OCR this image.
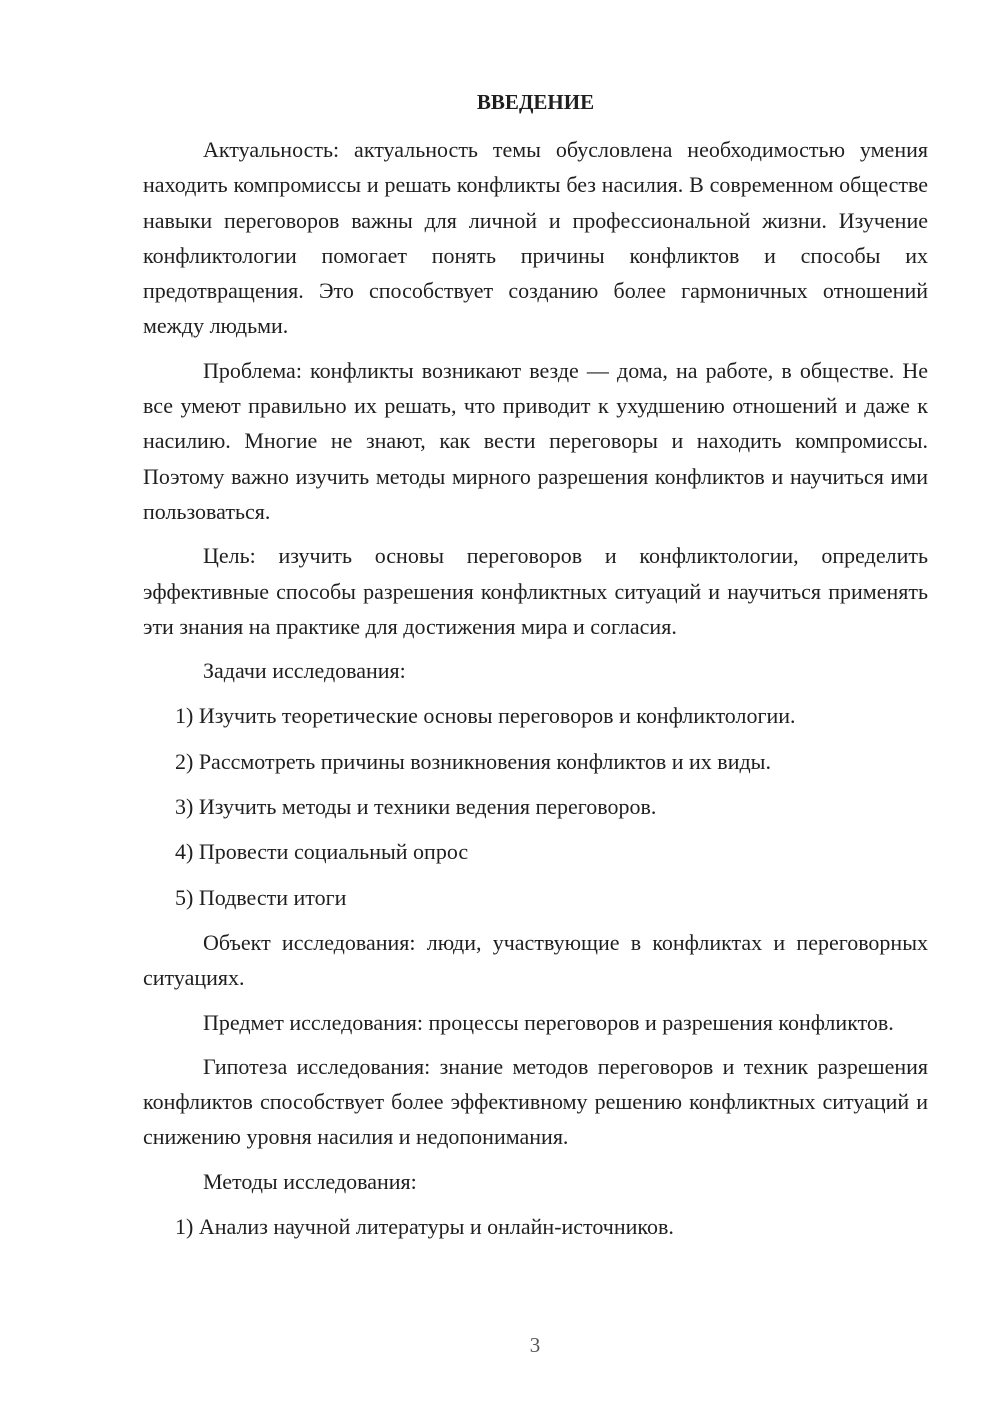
ВВЕДЕНИЕ

Актуальность: актуальность темы обусловлена необходимостью умения находить компромиссы и решать конфликты без насилия. В современном обществе навыки переговоров важны для личной и профессиональной жизни. Изучение конфликтологии помогает понять причины конфликтов и способы их предотвращения. Это способствует созданию более гармоничных отношений между людьми.

Проблема: конфликты возникают везде — дома, на работе, в обществе. Не все умеют правильно их решать, что приводит к ухудшению отношений и даже к насилию. Многие не знают, как вести переговоры и находить компромиссы. Поэтому важно изучить методы мирного разрешения конфликтов и научиться ими пользоваться.

Цель: изучить основы переговоров и конфликтологии, определить эффективные способы разрешения конфликтных ситуаций и научиться применять эти знания на практике для достижения мира и согласия.

Задачи исследования:

1) Изучить теоретические основы переговоров и конфликтологии.

2) Рассмотреть причины возникновения конфликтов и их виды.

3) Изучить методы и техники ведения переговоров.

4) Провести социальный опрос

5) Подвести итоги

Объект исследования: люди, участвующие в конфликтах и переговорных ситуациях.

Предмет исследования: процессы переговоров и разрешения конфликтов.

Гипотеза исследования: знание методов переговоров и техник разрешения конфликтов способствует более эффективному решению конфликтных ситуаций и снижению уровня насилия и недопонимания.

Методы исследования:

1) Анализ научной литературы и онлайн-источников.

3
